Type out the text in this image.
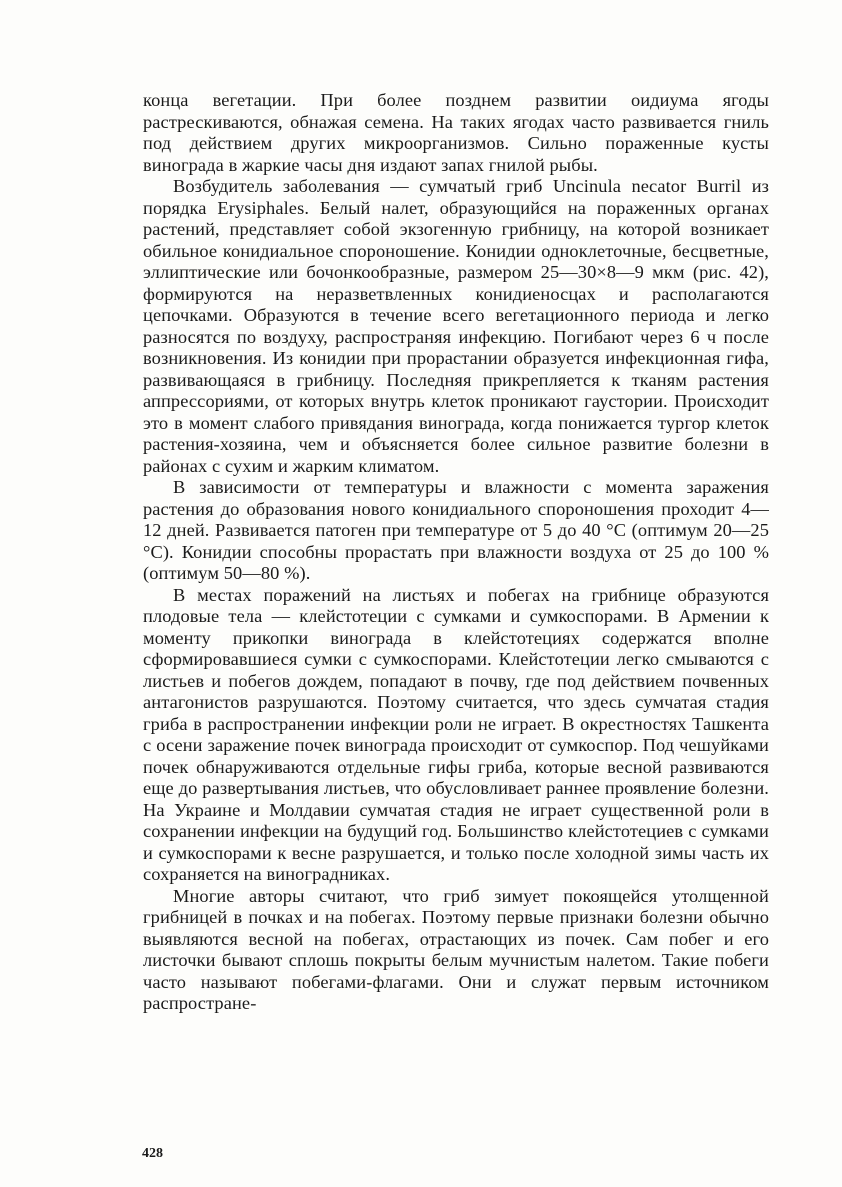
конца вегетации. При более позднем развитии оидиума ягоды растрескиваются, обнажая семена. На таких ягодах часто развивается гниль под действием других микроорганизмов. Сильно пораженные кусты винограда в жаркие часы дня издают запах гнилой рыбы.

Возбудитель заболевания — сумчатый гриб Uncinula necator Burril из порядка Erysiphales. Белый налет, образующийся на пораженных органах растений, представляет собой экзогенную грибницу, на которой возникает обильное конидиальное спороношение. Конидии одноклеточные, бесцветные, эллиптические или бочонкообразные, размером 25—30×8—9 мкм (рис. 42), формируются на неразветвленных конидиеносцах и располагаются цепочками. Образуются в течение всего вегетационного периода и легко разносятся по воздуху, распространяя инфекцию. Погибают через 6 ч после возникновения. Из конидии при прорастании образуется инфекционная гифа, развивающаяся в грибницу. Последняя прикрепляется к тканям растения аппрессориями, от которых внутрь клеток проникают гаустории. Происходит это в момент слабого привядания винограда, когда понижается тургор клеток растения-хозяина, чем и объясняется более сильное развитие болезни в районах с сухим и жарким климатом.

В зависимости от температуры и влажности с момента заражения растения до образования нового конидиального спороношения проходит 4—12 дней. Развивается патоген при температуре от 5 до 40 °С (оптимум 20—25 °С). Конидии способны прорастать при влажности воздуха от 25 до 100 % (оптимум 50—80 %).

В местах поражений на листьях и побегах на грибнице образуются плодовые тела — клейстотеции с сумками и сумкоспорами. В Армении к моменту прикопки винограда в клейстотециях содержатся вполне сформировавшиеся сумки с сумкоспорами. Клейстотеции легко смываются с листьев и побегов дождем, попадают в почву, где под действием почвенных антагонистов разрушаются. Поэтому считается, что здесь сумчатая стадия гриба в распространении инфекции роли не играет. В окрестностях Ташкента с осени заражение почек винограда происходит от сумкоспор. Под чешуйками почек обнаруживаются отдельные гифы гриба, которые весной развиваются еще до развертывания листьев, что обусловливает раннее проявление болезни. На Украине и Молдавии сумчатая стадия не играет существенной роли в сохранении инфекции на будущий год. Большинство клейстотециев с сумками и сумкоспорами к весне разрушается, и только после холодной зимы часть их сохраняется на виноградниках.

Многие авторы считают, что гриб зимует покоящейся утолщенной грибницей в почках и на побегах. Поэтому первые признаки болезни обычно выявляются весной на побегах, отрастающих из почек. Сам побег и его листочки бывают сплошь покрыты белым мучнистым налетом. Такие побеги часто называют побегами-флагами. Они и служат первым источником распростране-

428
